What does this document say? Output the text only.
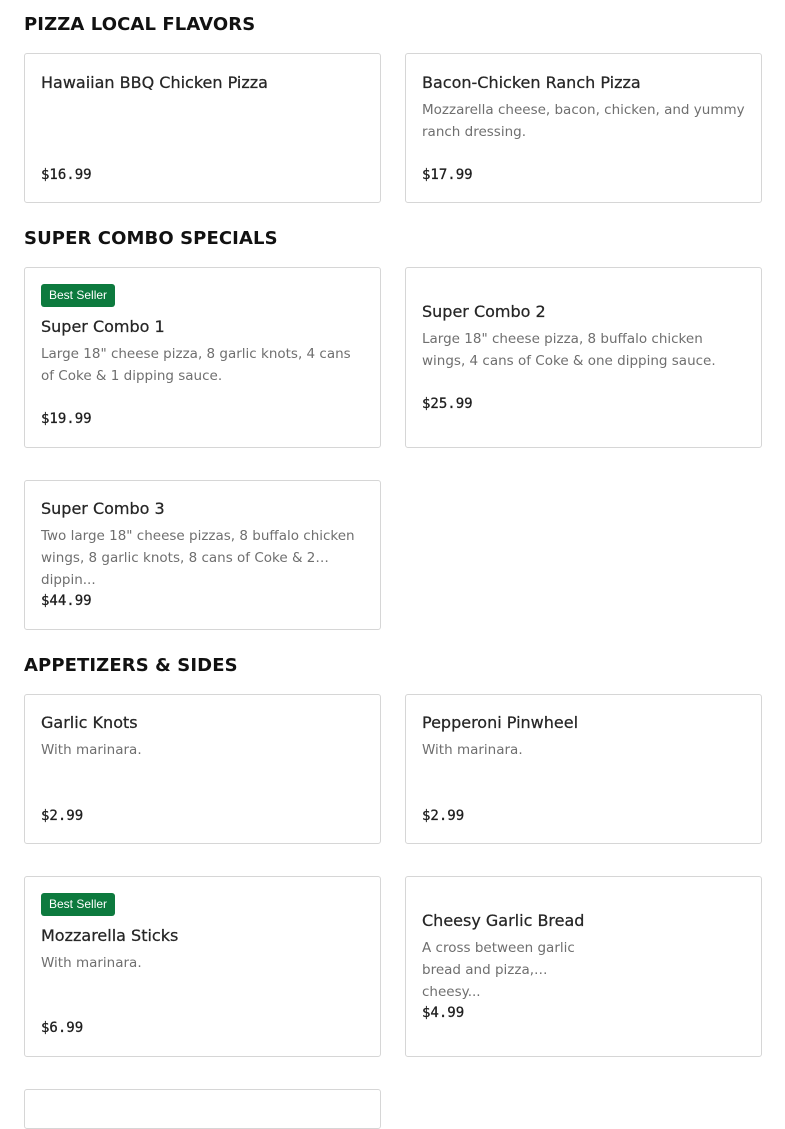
PIZZA LOCAL FLAVORS
Hawaiian BBQ Chicken Pizza
$16.99
Bacon-Chicken Ranch Pizza
Mozzarella cheese, bacon, chicken, and yummy ranch dressing.
$17.99
SUPER COMBO SPECIALS
Best Seller
Super Combo 1
Large 18" cheese pizza, 8 garlic knots, 4 cans of Coke & 1 dipping sauce.
$19.99
Super Combo 2
Large 18" cheese pizza, 8 buffalo chicken wings, 4 cans of Coke & one dipping sauce.
$25.99
Super Combo 3
Two large 18" cheese pizzas, 8 buffalo chicken wings, 8 garlic knots, 8 cans of Coke & 2 dippin...
$44.99
APPETIZERS & SIDES
Garlic Knots
With marinara.
$2.99
Pepperoni Pinwheel
With marinara.
$2.99
Best Seller
Mozzarella Sticks
With marinara.
$6.99
Cheesy Garlic Bread
A cross between garlic bread and pizza, cheesy...
$4.99
